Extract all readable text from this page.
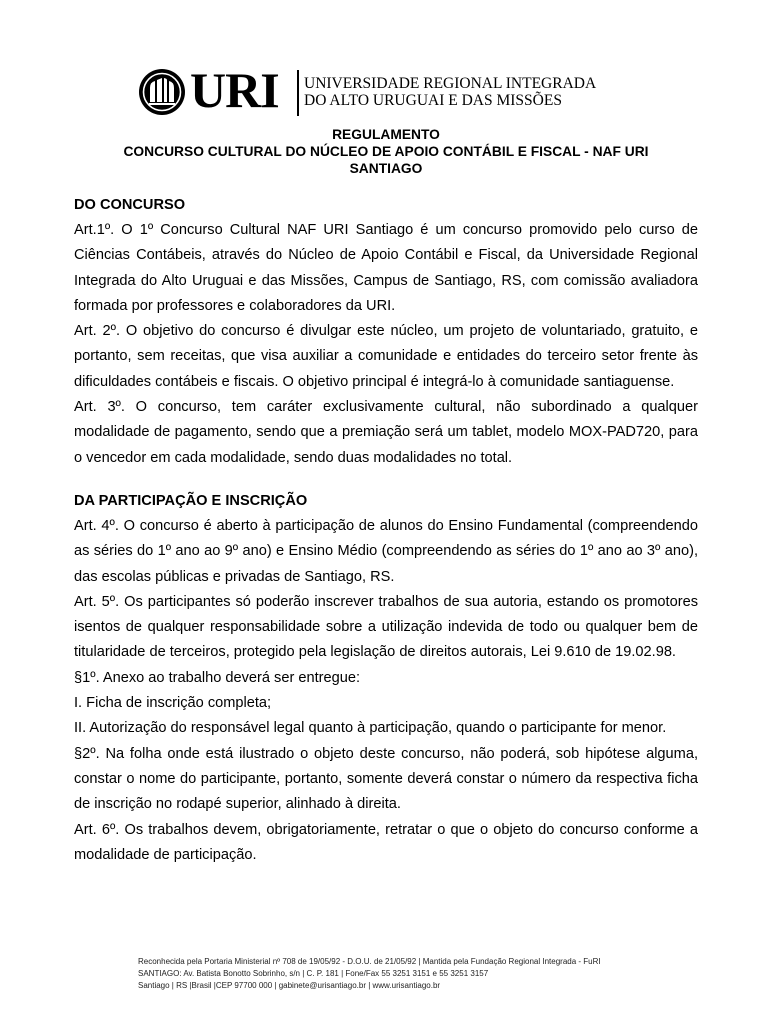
URI UNIVERSIDADE REGIONAL INTEGRADA
DO ALTO URUGUAI E DAS MISSÕES
REGULAMENTO
CONCURSO CULTURAL DO NÚCLEO DE APOIO CONTÁBIL E FISCAL - NAF URI
SANTIAGO
DO CONCURSO
Art.1º. O 1º Concurso Cultural NAF URI Santiago é um concurso promovido pelo curso de Ciências Contábeis, através do Núcleo de Apoio Contábil e Fiscal, da Universidade Regional Integrada do Alto Uruguai e das Missões, Campus de Santiago, RS, com comissão avaliadora formada por professores e colaboradores da URI.
Art. 2º. O objetivo do concurso é divulgar este núcleo, um projeto de voluntariado, gratuito, e portanto, sem receitas, que visa auxiliar a comunidade e entidades do terceiro setor frente às dificuldades contábeis e fiscais. O objetivo principal é integrá-lo à comunidade santiaguense.
Art. 3º. O concurso, tem caráter exclusivamente cultural, não subordinado a qualquer modalidade de pagamento, sendo que a premiação será um tablet, modelo MOX-PAD720, para o vencedor em cada modalidade, sendo duas modalidades no total.
DA PARTICIPAÇÃO E INSCRIÇÃO
Art. 4º. O concurso é aberto à participação de alunos do Ensino Fundamental (compreendendo as séries do 1º ano ao 9º ano) e Ensino Médio (compreendendo as séries do 1º ano ao 3º ano), das escolas públicas e privadas de Santiago, RS.
Art. 5º. Os participantes só poderão inscrever trabalhos de sua autoria, estando os promotores isentos de qualquer responsabilidade sobre a utilização indevida de todo ou qualquer bem de titularidade de terceiros, protegido pela legislação de direitos autorais, Lei 9.610 de 19.02.98.
§1º. Anexo ao trabalho deverá ser entregue:
I. Ficha de inscrição completa;
II. Autorização do responsável legal quanto à participação, quando o participante for menor.
§2º. Na folha onde está ilustrado o objeto deste concurso, não poderá, sob hipótese alguma, constar o nome do participante, portanto, somente deverá constar o número da respectiva ficha de inscrição no rodapé superior, alinhado à direita.
Art. 6º. Os trabalhos devem, obrigatoriamente, retratar o que o objeto do concurso conforme a modalidade de participação.
Reconhecida pela Portaria Ministerial nº 708 de 19/05/92 - D.O.U. de 21/05/92 | Mantida pela Fundação Regional Integrada - FuRI
SANTIAGO: Av. Batista Bonotto Sobrinho, s/n | C. P. 181 | Fone/Fax 55 3251 3151 e 55 3251 3157
Santiago | RS |Brasil |CEP 97700 000 | gabinete@urisantiago.br | www.urisantiago.br
